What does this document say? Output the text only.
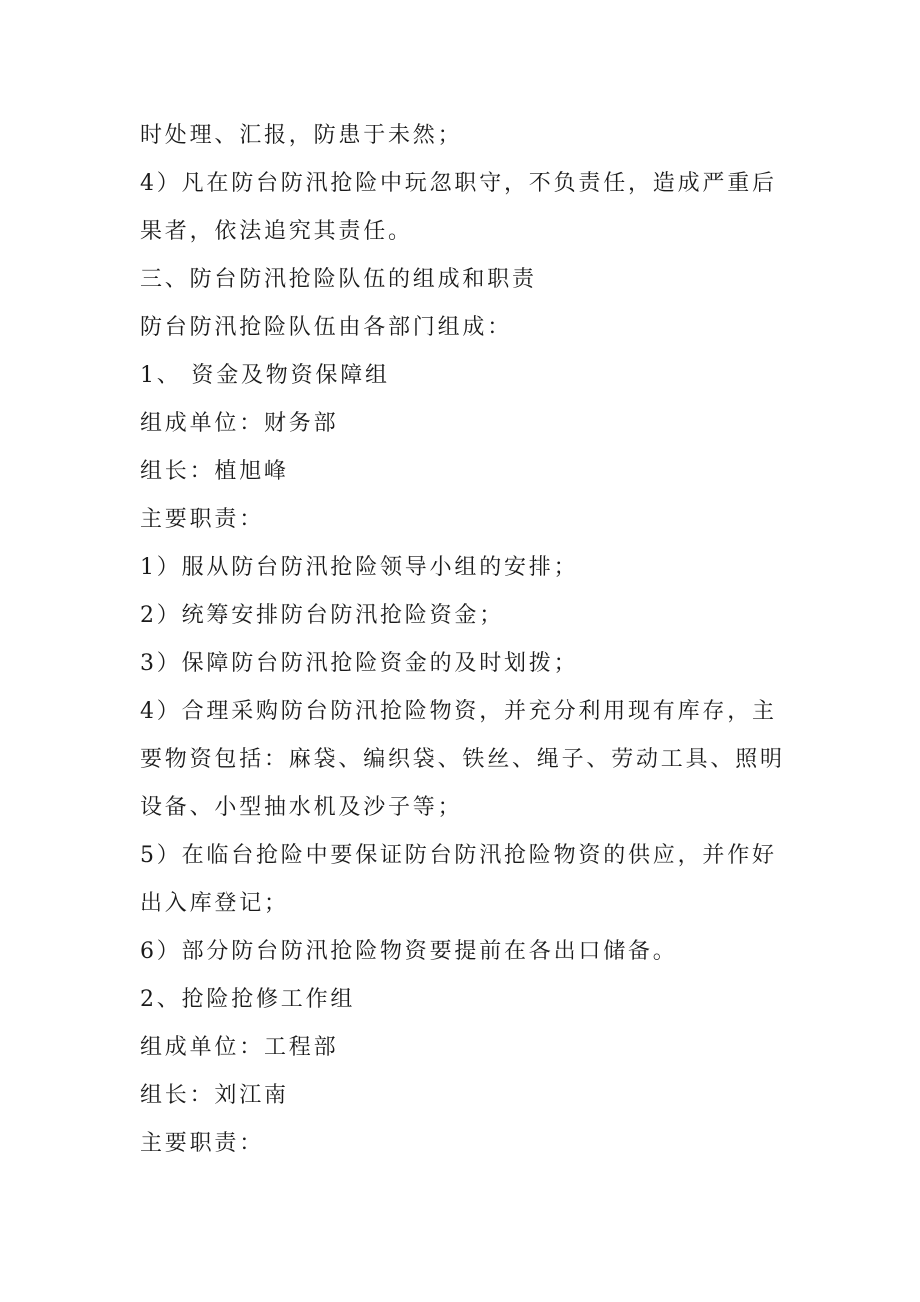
时处理、汇报，防患于未然；
4）凡在防台防汛抢险中玩忽职守，不负责任，造成严重后
果者，依法追究其责任。
三、防台防汛抢险队伍的组成和职责
防台防汛抢险队伍由各部门组成：
1、 资金及物资保障组
组成单位：财务部
组长：植旭峰
主要职责：
1）服从防台防汛抢险领导小组的安排；
2）统筹安排防台防汛抢险资金；
3）保障防台防汛抢险资金的及时划拨；
4）合理采购防台防汛抢险物资，并充分利用现有库存，主
要物资包括：麻袋、编织袋、铁丝、绳子、劳动工具、照明
设备、小型抽水机及沙子等；
5）在临台抢险中要保证防台防汛抢险物资的供应，并作好
出入库登记；
6）部分防台防汛抢险物资要提前在各出口储备。
2、抢险抢修工作组
组成单位：工程部
组长：刘江南
主要职责：
